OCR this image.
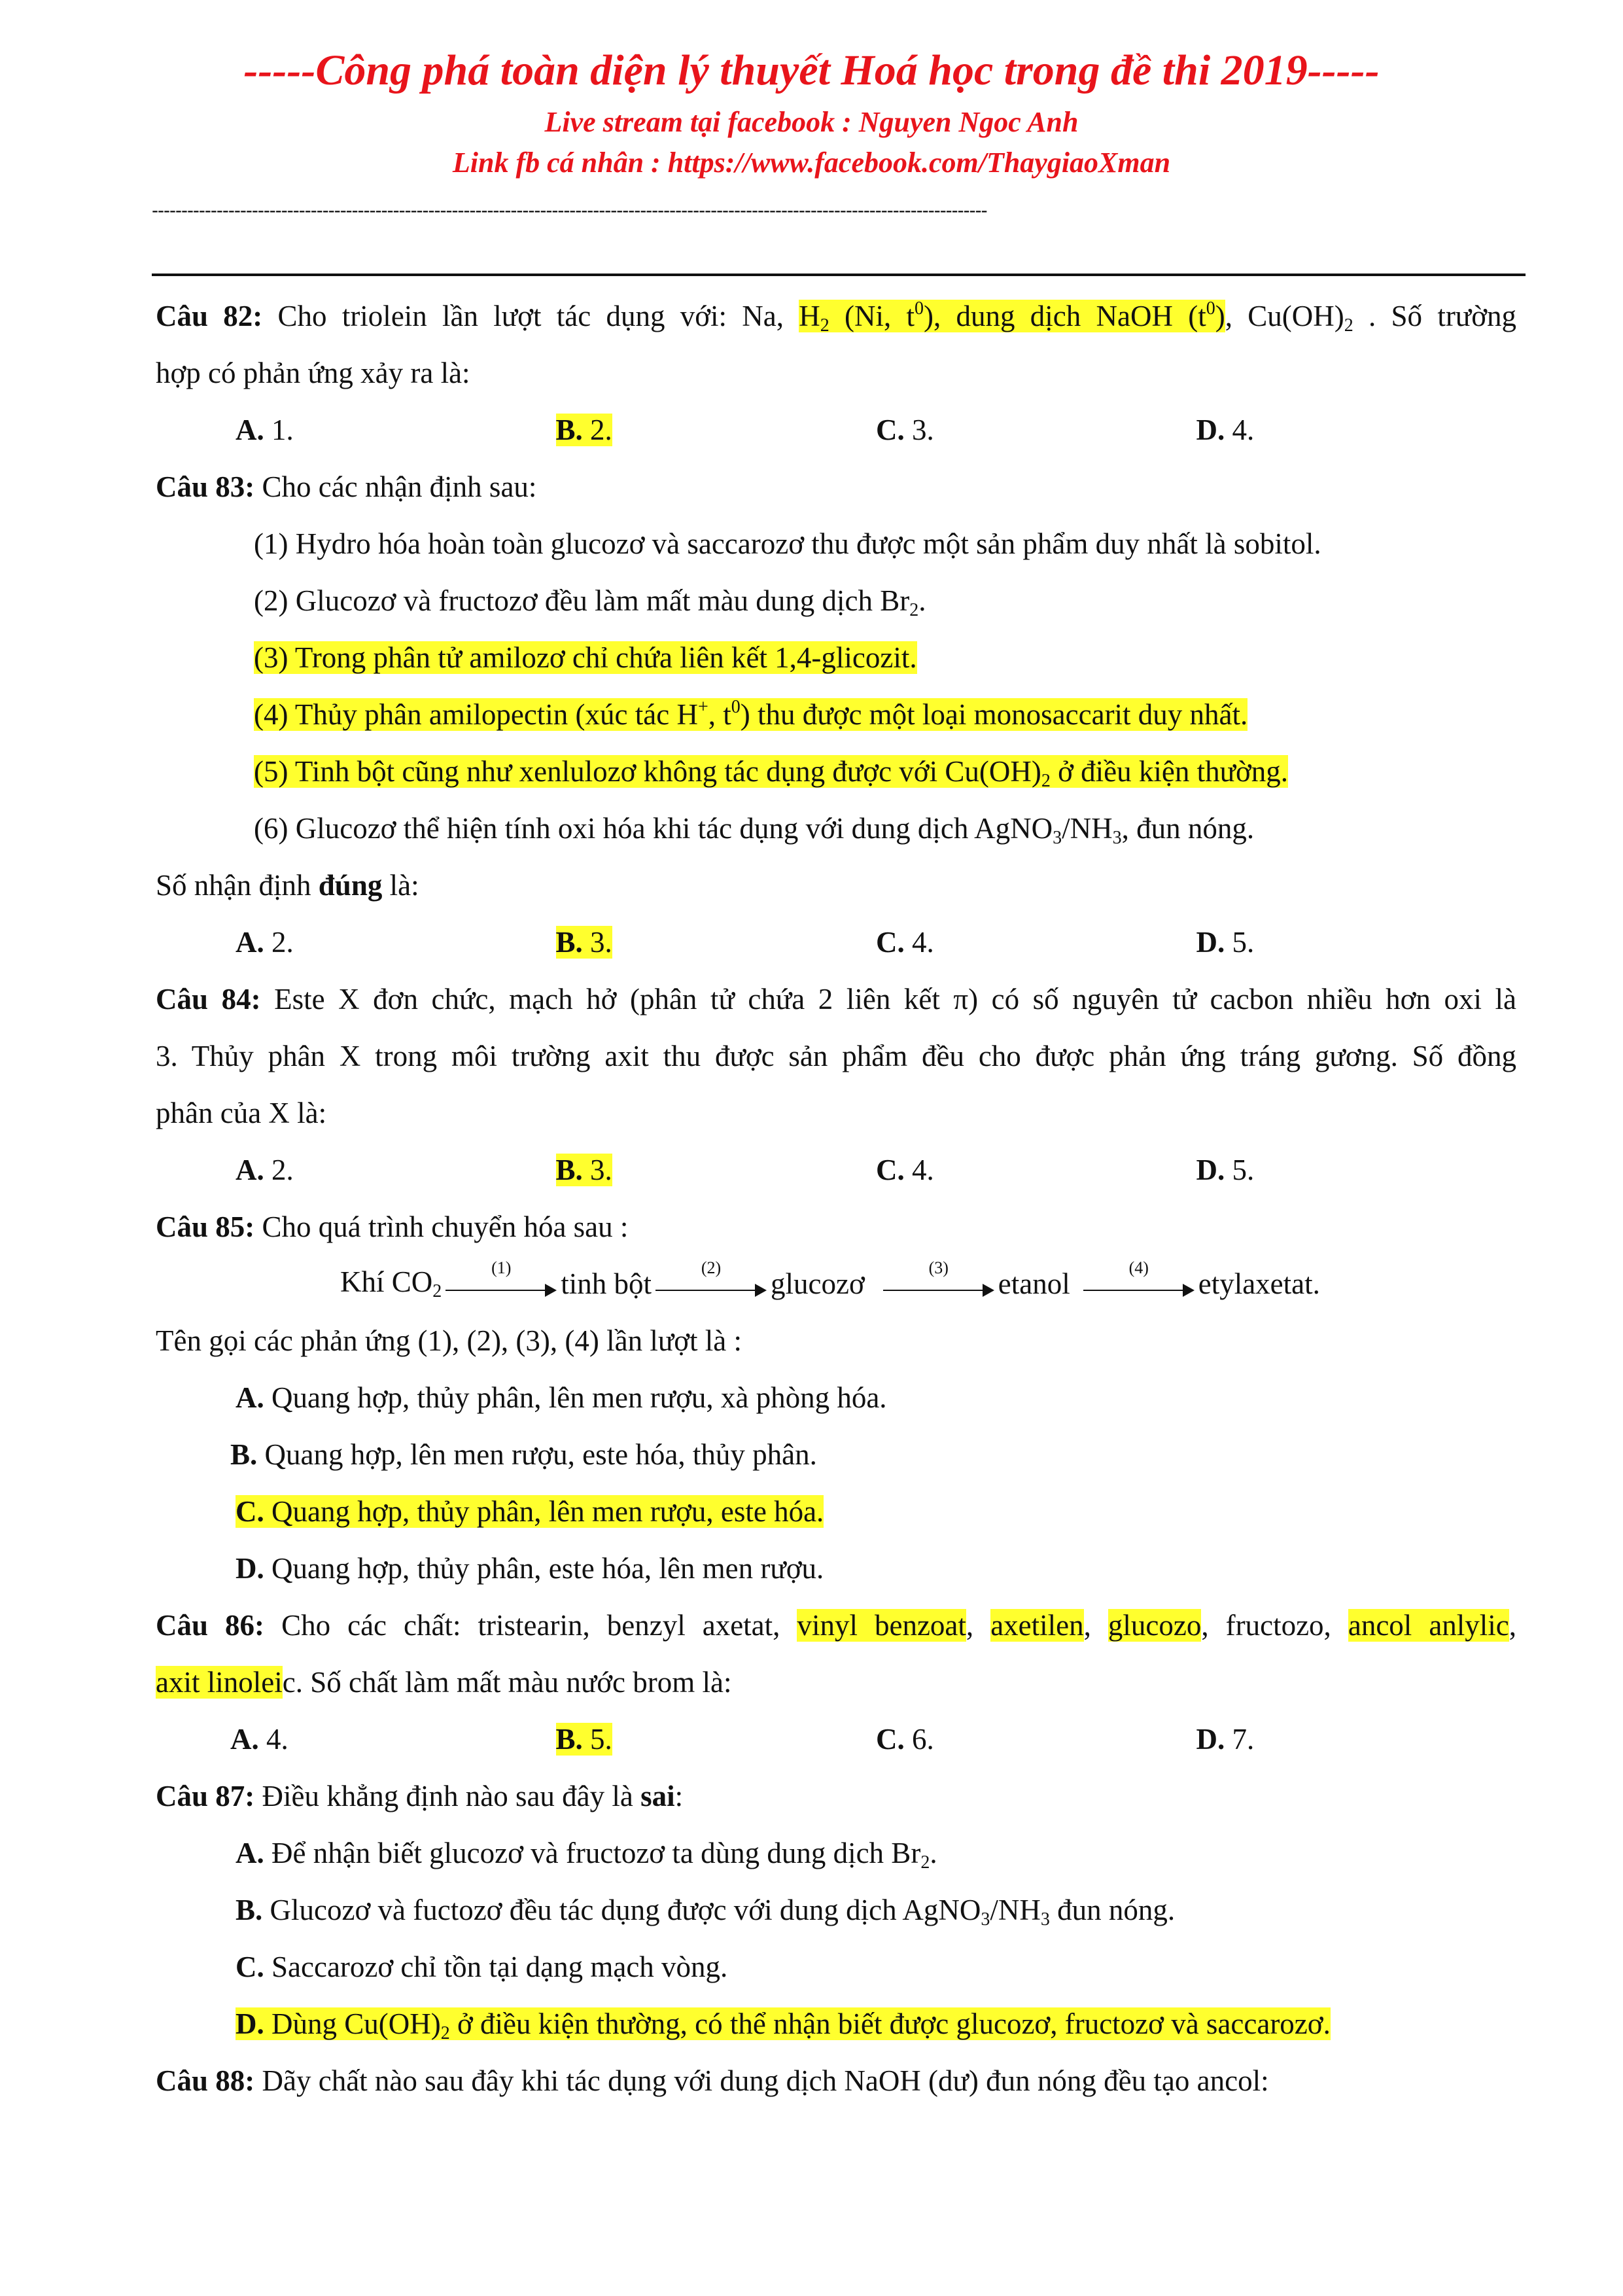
-----Công phá toàn diện lý thuyết Hoá học trong đề thi 2019-----
Live stream tại facebook : Nguyen Ngoc Anh
Link fb cá nhân : https://www.facebook.com/ThaygiaoXman
----------------------------------------------------------------------------------------------------------------------------------------------
Câu 82: Cho triolein lần lượt tác dụng với: Na, $H_2$ (Ni, $t^0$), dung dịch NaOH $(t^0)$, $Cu(OH)_2$ . Số trường
hợp có phản ứng xảy ra là:
A. 1.	B. 2.	C. 3.	D. 4.
Câu 83: Cho các nhận định sau:
(1) Hydro hóa hoàn toàn glucozơ và saccarozơ thu được một sản phẩm duy nhất là sobitol.
(2) Glucozơ và fructozơ đều làm mất màu dung dịch $Br_2$.
(3) Trong phân tử amilozơ chỉ chứa liên kết 1,4-glicozit.
(4) Thủy phân amilopectin (xúc tác H+, $t^0$) thu được một loại monosaccarit duy nhất.
(5) Tinh bột cũng như xenlulozơ không tác dụng được với $Cu(OH)_2$ ở điều kiện thường.
(6) Glucozơ thể hiện tính oxi hóa khi tác dụng với dung dịch $AgNO_3/NH_3$, đun nóng.
Số nhận định đúng là:
A. 2.	B. 3.	C. 4.	D. 5.
Câu 84: Este X đơn chức, mạch hở (phân tử chứa 2 liên kết π) có số nguyên tử cacbon nhiều hơn oxi là
3. Thủy phân X trong môi trường axit thu được sản phẩm đều cho được phản ứng tráng gương. Số đồng
phân của X là:
A. 2.	B. 3.	C. 4.	D. 5.
Câu 85: Cho quá trình chuyển hóa sau :
Khí $CO_2$
(1)	tinh bột	(2)	glucozơ	(3)	etanol	(4)	etylaxetat.
Tên gọi các phản ứng (1), (2), (3), (4) lần lượt là :
A. Quang hợp, thủy phân, lên men rượu, xà phòng hóa.
B. Quang hợp, lên men rượu, este hóa, thủy phân.
C. Quang hợp, thủy phân, lên men rượu, este hóa.
D. Quang hợp, thủy phân, este hóa, lên men rượu.
Câu 86: Cho các chất: tristearin, benzyl axetat, vinyl benzoat, axetilen, glucozo, fructozo, ancol anlylic,
axit linoleic. Số chất làm mất màu nước brom là:
A. 4.	B. 5.	C. 6.	D. 7.
Câu 87: Điều khẳng định nào sau đây là sai:
A. Để nhận biết glucozơ và fructozơ ta dùng dung dịch $Br_2$.
B. Glucozơ và fuctozơ đều tác dụng được với dung dịch $AgNO_3/NH_3$ đun nóng.
C. Saccarozơ chỉ tồn tại dạng mạch vòng.
D. Dùng $Cu(OH)_2$ ở điều kiện thường, có thể nhận biết được glucozơ, fructozơ và saccarozơ.
Câu 88: Dãy chất nào sau đây khi tác dụng với dung dịch NaOH (dư) đun nóng đều tạo ancol:
